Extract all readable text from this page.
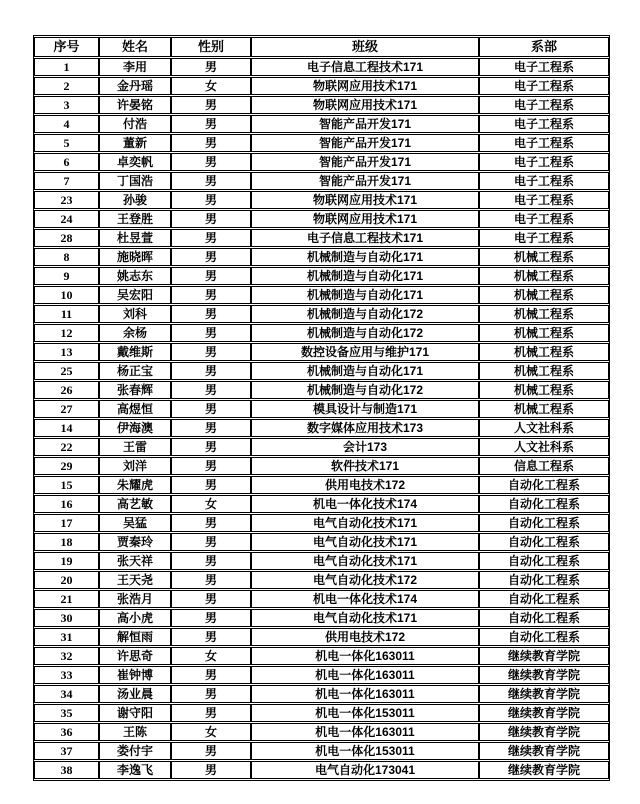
序号	姓名	性别	班级	系部
1	李用	男	电子信息工程技术171	电子工程系
2	金丹瑶	女	物联网应用技术171	电子工程系
3	许晏铭	男	物联网应用技术171	电子工程系
4	付浩	男	智能产品开发171	电子工程系
5	董新	男	智能产品开发171	电子工程系
6	卓奕帆	男	智能产品开发171	电子工程系
7	丁国浩	男	智能产品开发171	电子工程系
23	孙骏	男	物联网应用技术171	电子工程系
24	王登胜	男	物联网应用技术171	电子工程系
28	杜昱萱	男	电子信息工程技术171	电子工程系
8	施晓晖	男	机械制造与自动化171	机械工程系
9	姚志东	男	机械制造与自动化171	机械工程系
10	吴宏阳	男	机械制造与自动化171	机械工程系
11	刘科	男	机械制造与自动化172	机械工程系
12	余杨	男	机械制造与自动化172	机械工程系
13	戴维斯	男	数控设备应用与维护171	机械工程系
25	杨正宝	男	机械制造与自动化171	机械工程系
26	张春辉	男	机械制造与自动化172	机械工程系
27	高煜恒	男	模具设计与制造171	机械工程系
14	伊海澳	男	数字媒体应用技术173	人文社科系
22	王雷	男	会计173	人文社科系
29	刘洋	男	软件技术171	信息工程系
15	朱耀虎	男	供用电技术172	自动化工程系
16	高艺敏	女	机电一体化技术174	自动化工程系
17	吴猛	男	电气自动化技术171	自动化工程系
18	贾秦玲	男	电气自动化技术171	自动化工程系
19	张天祥	男	电气自动化技术171	自动化工程系
20	王天尧	男	电气自动化技术172	自动化工程系
21	张浩月	男	机电一体化技术174	自动化工程系
30	高小虎	男	电气自动化技术171	自动化工程系
31	解恒雨	男	供用电技术172	自动化工程系
32	许思奇	女	机电一体化163011	继续教育学院
33	崔钟博	男	机电一体化163011	继续教育学院
34	汤业晨	男	机电一体化163011	继续教育学院
35	谢守阳	男	机电一体化153011	继续教育学院
36	王陈	女	机电一体化163011	继续教育学院
37	娄付宇	男	机电一体化153011	继续教育学院
38	李逸飞	男	电气自动化173041	继续教育学院
